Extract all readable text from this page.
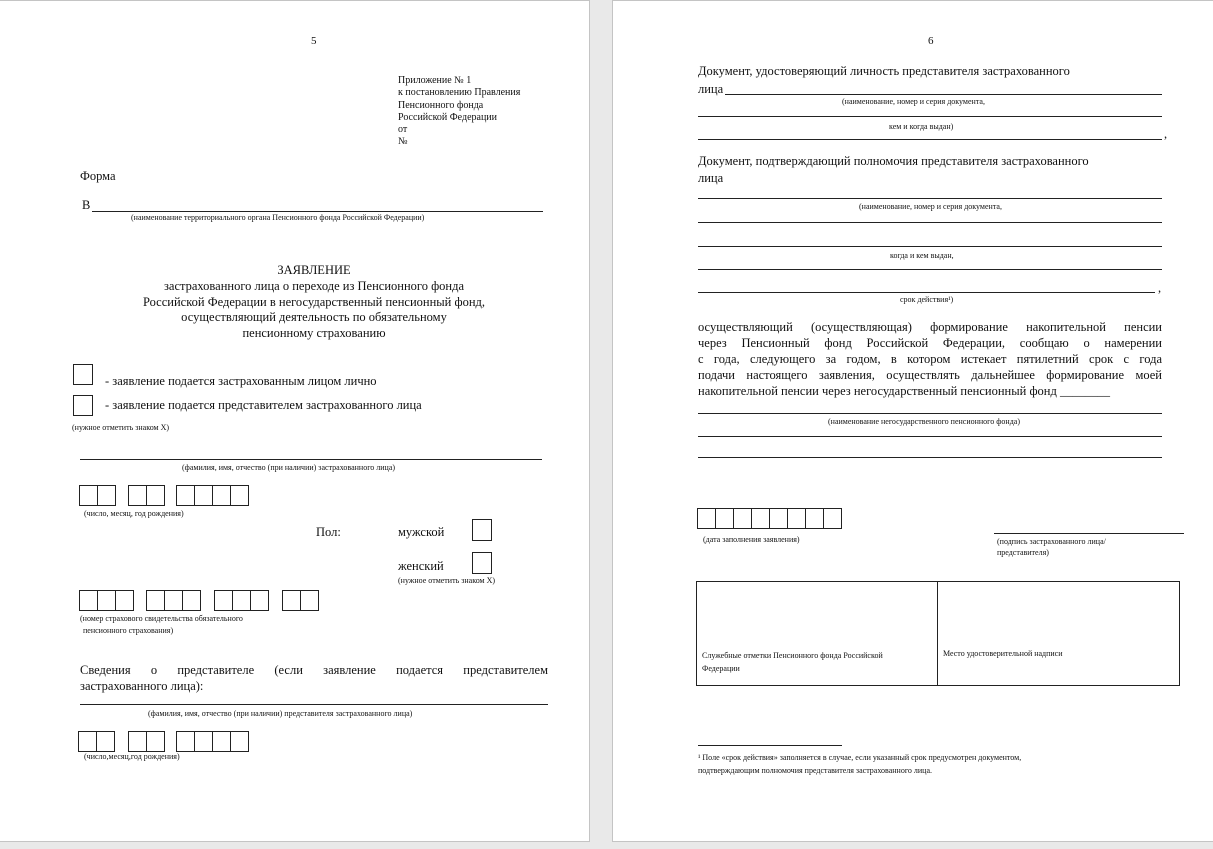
5
Приложение № 1
к постановлению Правления
Пенсионного фонда
Российской Федерации
от
№
Форма
В
(наименование территориального органа Пенсионного фонда Российской Федерации)
ЗАЯВЛЕНИЕ
застрахованного лица о переходе из Пенсионного фонда
Российской Федерации в негосударственный пенсионный фонд,
осуществляющий деятельность по обязательному
пенсионному страхованию
- заявление подается застрахованным лицом лично
- заявление подается представителем застрахованного лица
(нужное отметить знаком X)
(фамилия, имя, отчество (при наличии) застрахованного лица)
(число, месяц, год рождения)
Пол:	мужской
женский
(нужное отметить знаком X)
(номер страхового свидетельства обязательного
пенсионного страхования)
Сведения о представителе (если заявление подается представителем
застрахованного лица):
(фамилия, имя, отчество (при наличии) представителя застрахованного лица)
(число,месяц,год рождения)
6
Документ, удостоверяющий личность представителя застрахованного
лица
(наименование, номер и серия документа,
кем и когда выдан)
,
Документ, подтверждающий полномочия представителя застрахованного
лица
(наименование, номер и серия документа,
когда и кем выдан,
,
срок действия¹)
осуществляющий (осуществляющая) формирование накопительной пенсии
через Пенсионный фонд Российской Федерации, сообщаю о намерении
с года, следующего за годом, в котором истекает пятилетний срок с года
подачи настоящего заявления, осуществлять дальнейшее формирование моей
накопительной пенсии через негосударственный пенсионный фонд ________
(наименование негосударственного пенсионного фонда)
(дата заполнения заявления)	(подпись застрахованного лица/
представителя)
Служебные отметки Пенсионного фонда Российской
Федерации
Место удостоверительной надписи
¹ Поле «срок действия» заполняется в случае, если указанный срок предусмотрен документом,
подтверждающим полномочия представителя застрахованного лица.
